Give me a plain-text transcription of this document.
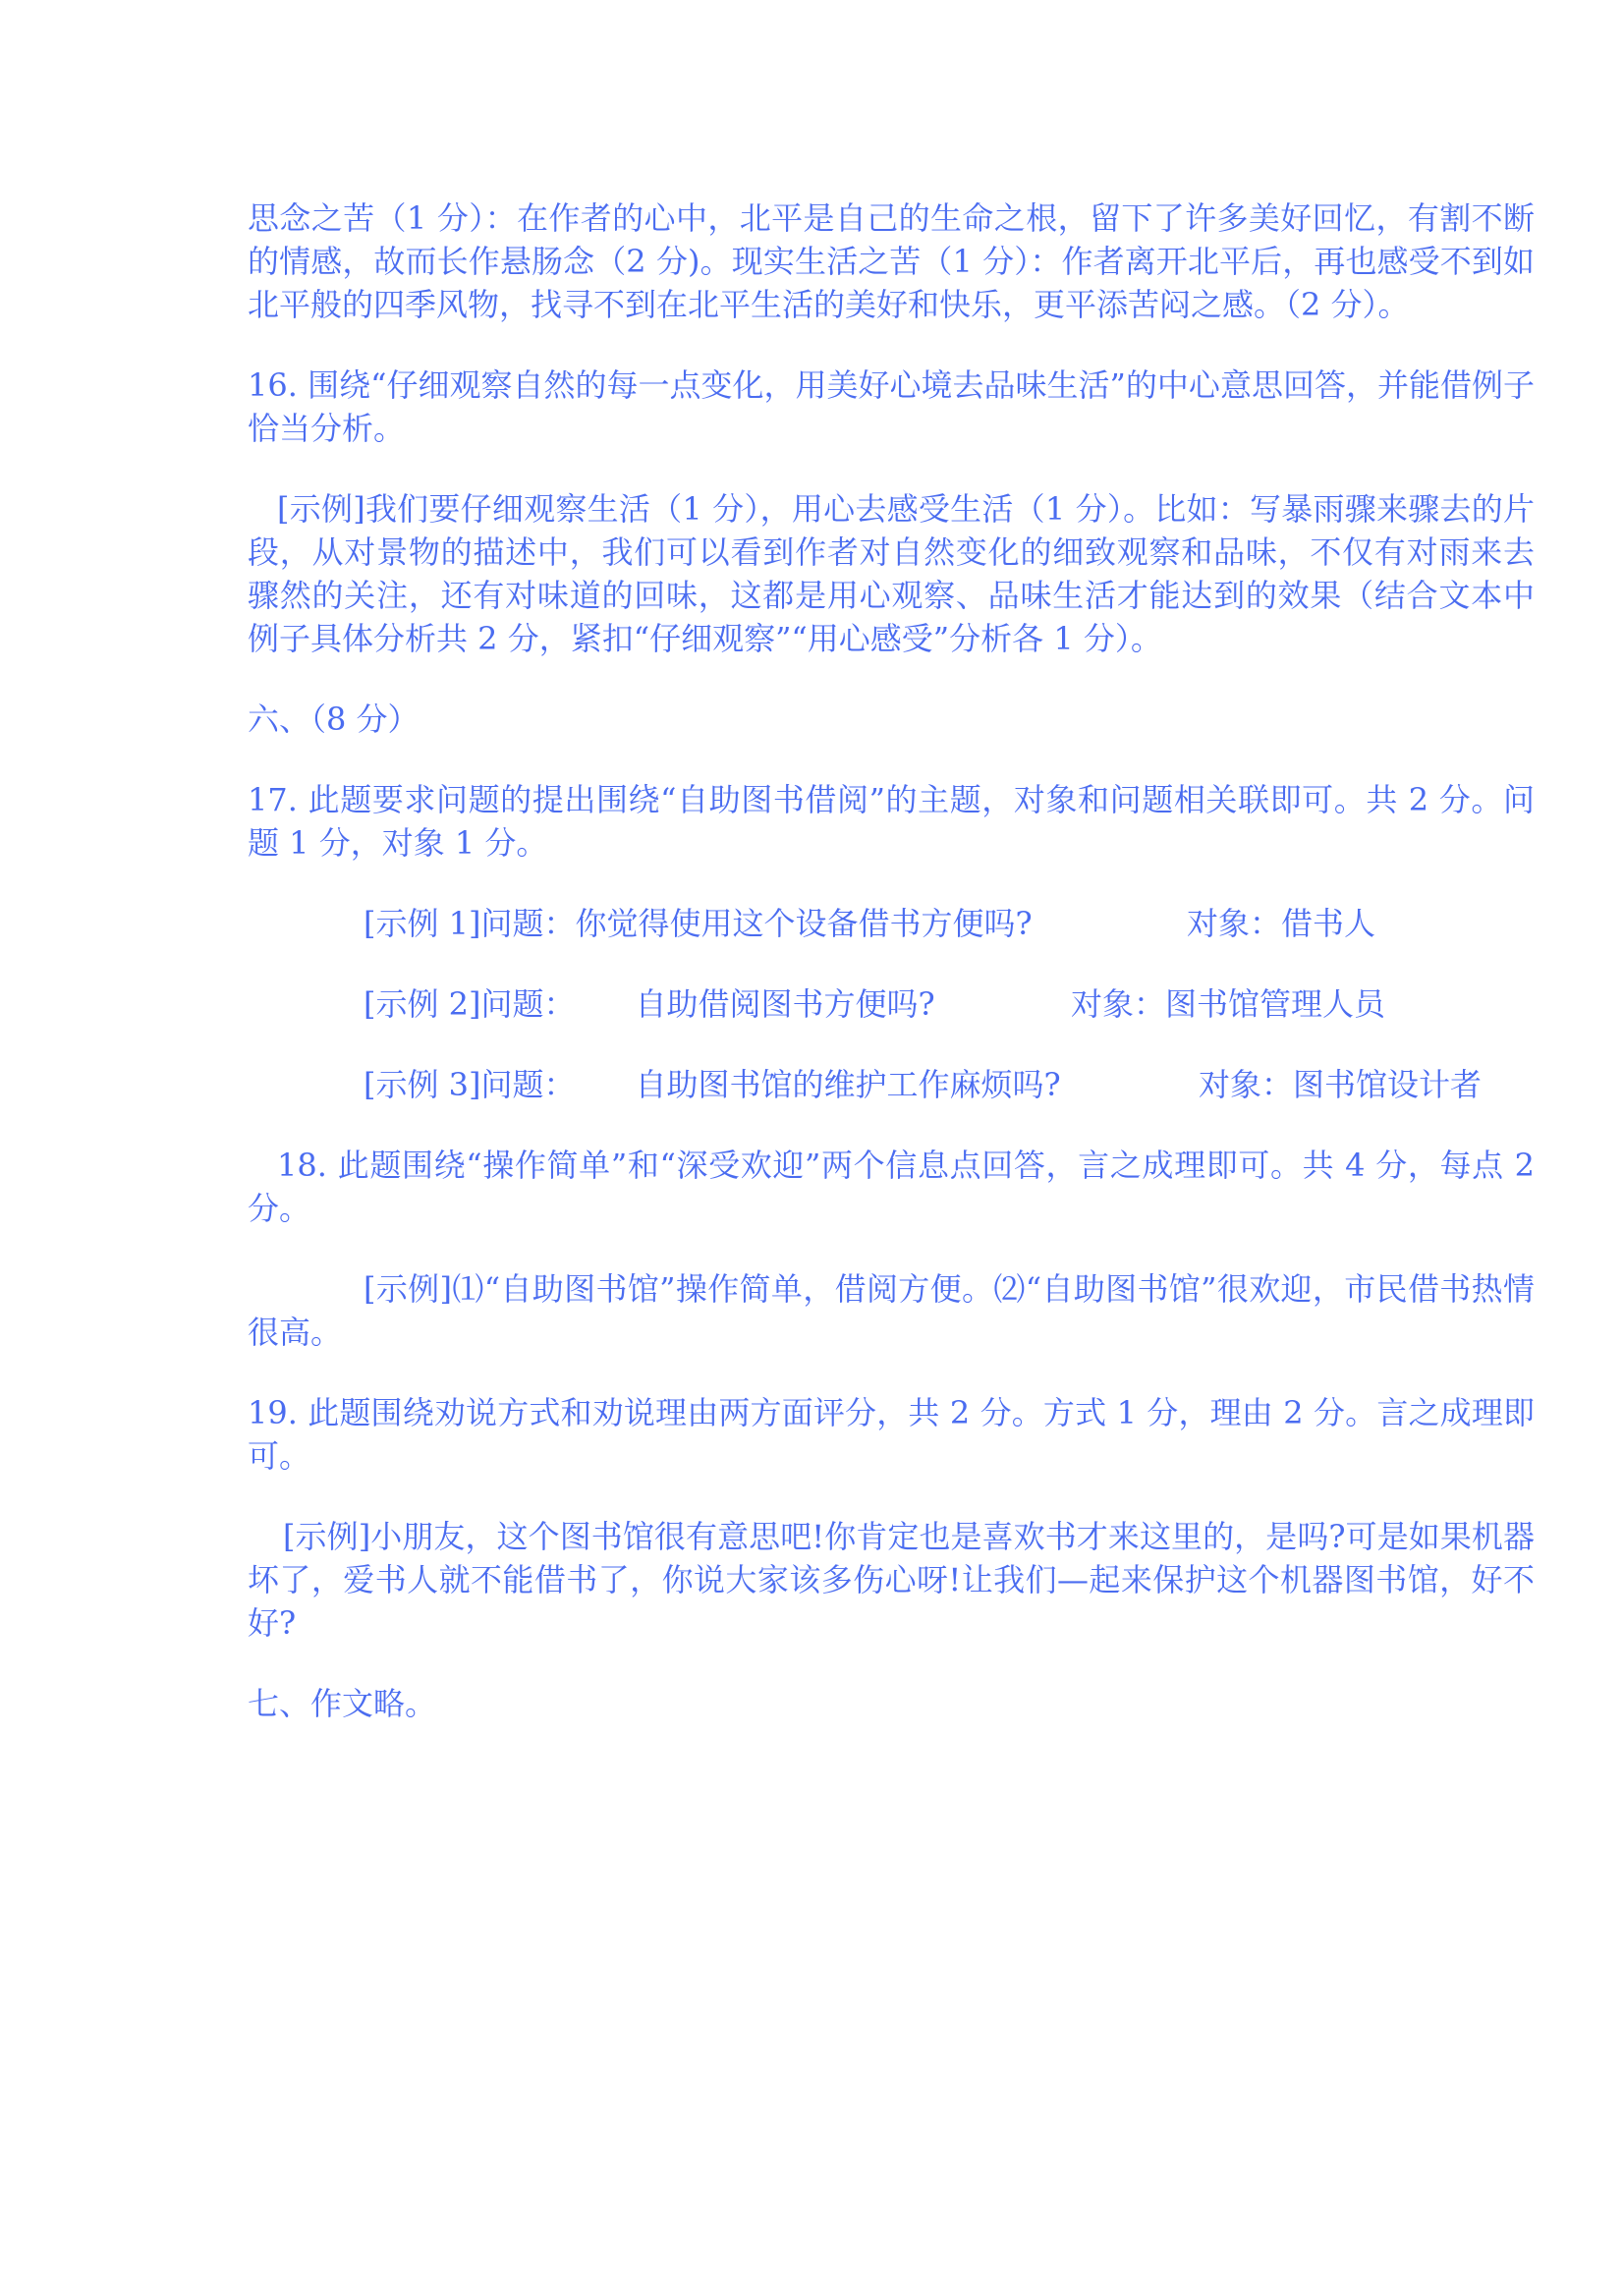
思念之苦（1 分）：在作者的心中，北平是自己的生命之根，留下了许多美好回忆，有割不断的情感，故而长作悬肠念（2 分)。现实生活之苦（1 分）：作者离开北平后，再也感受不到如北平般的四季风物，找寻不到在北平生活的美好和快乐，更平添苦闷之感。（2 分）。

16. 围绕“仔细观察自然的每一点变化，用美好心境去品味生活”的中心意思回答，并能借例子恰当分析。

[示例]我们要仔细观察生活（1 分），用心去感受生活（1 分）。比如：写暴雨骤来骤去的片段，从对景物的描述中，我们可以看到作者对自然变化的细致观察和品味，不仅有对雨来去骤然的关注，还有对味道的回味，这都是用心观察、品味生活才能达到的效果（结合文本中例子具体分析共 2 分，紧扣“仔细观察”“用心感受”分析各 1 分）。

六、（8 分）

17. 此题要求问题的提出围绕“自助图书借阅”的主题，对象和问题相关联即可。共 2 分。问题 1 分，对象 1 分。

[示例 1]问题：你觉得使用这个设备借书方便吗?	对象：借书人
[示例 2]问题：      自助借阅图书方便吗?	对象：图书馆管理人员
[示例 3]问题：      自助图书馆的维护工作麻烦吗?	对象：图书馆设计者

18. 此题围绕“操作简单”和“深受欢迎”两个信息点回答，言之成理即可。共 4 分，每点 2 分。

[示例]⑴“自助图书馆”操作简单，借阅方便。⑵“自助图书馆”很欢迎，市民借书热情很高。

19. 此题围绕劝说方式和劝说理由两方面评分，共 2 分。方式 1 分，理由 2 分。言之成理即可。

[示例]小朋友，这个图书馆很有意思吧!你肯定也是喜欢书才来这里的，是吗?可是如果机器坏了，爱书人就不能借书了，你说大家该多伤心呀!让我们—起来保护这个机器图书馆，好不好?

七、作文略。
